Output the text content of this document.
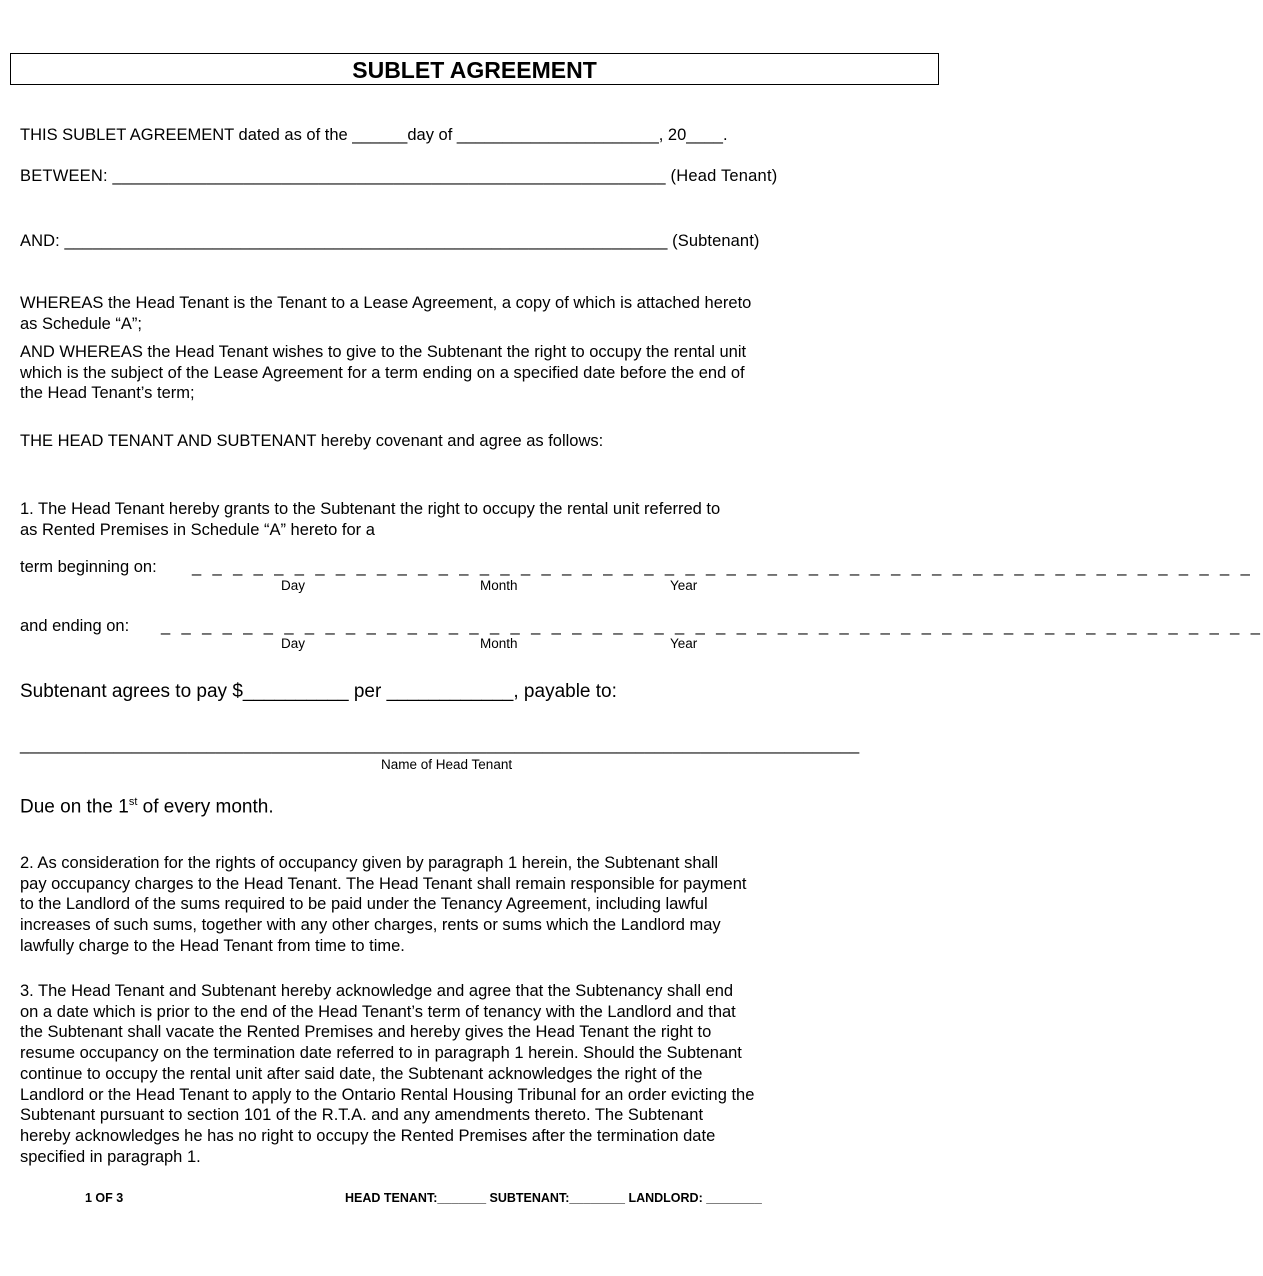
SUBLET AGREEMENT
THIS SUBLET AGREEMENT dated as of the ______day of ______________________, 20____.
BETWEEN: ___________________________________________________________ (Head Tenant)
AND: _________________________________________________________________ (Subtenant)

WHEREAS the Head Tenant is the Tenant to a Lease Agreement, a copy of which is attached hereto

as Schedule “A”;

AND WHEREAS the Head Tenant wishes to give to the Subtenant the right to occupy the rental unit

which is the subject of the Lease Agreement for a term ending on a specified date before the end of

the Head Tenant’s term;

THE HEAD TENANT AND SUBTENANT hereby covenant and agree as follows:

1. The Head Tenant hereby grants to the Subtenant the right to occupy the rental unit referred to

as Rented Premises in Schedule “A” hereto for a

term beginning on: _ _ _ _ _ _ _ _ _ _ _ _ _ _ _ _ _ _ _ _ _ _ _ _ _ _ _ _ _ _ _ _ _ _ _ _ _ _ _ _ _ _ _ _ _ _ _ _ _ _ _ _
Day	Month	Year
and ending on: _ _ _ _ _ _ _ _ _ _ _ _ _ _ _ _ _ _ _ _ _ _ _ _ _ _ _ _ _ _ _ _ _ _ _ _ _ _ _ _ _ _ _ _ _ _ _ _ _ _ _ _ _ _
Day	Month	Year
Subtenant agrees to pay $__________ per ____________, payable to:
__________________________________________________________________________________________
Name of Head Tenant
Due on the 1st of every month.

2. As consideration for the rights of occupancy given by paragraph 1 herein, the Subtenant shall

pay occupancy charges to the Head Tenant. The Head Tenant shall remain responsible for payment

to the Landlord of the sums required to be paid under the Tenancy Agreement, including lawful

increases of such sums, together with any other charges, rents or sums which the Landlord may

lawfully charge to the Head Tenant from time to time.

3. The Head Tenant and Subtenant hereby acknowledge and agree that the Subtenancy shall end

on a date which is prior to the end of the Head Tenant’s term of tenancy with the Landlord and that

the Subtenant shall vacate the Rented Premises and hereby gives the Head Tenant the right to

resume occupancy on the termination date referred to in paragraph 1 herein. Should the Subtenant

continue to occupy the rental unit after said date, the Subtenant acknowledges the right of the

Landlord or the Head Tenant to apply to the Ontario Rental Housing Tribunal for an order evicting the

Subtenant pursuant to section 101 of the R.T.A. and any amendments thereto. The Subtenant

hereby acknowledges he has no right to occupy the Rented Premises after the termination date

specified in paragraph 1.

1 OF 3	HEAD TENANT:_______ SUBTENANT:________ LANDLORD: ________
